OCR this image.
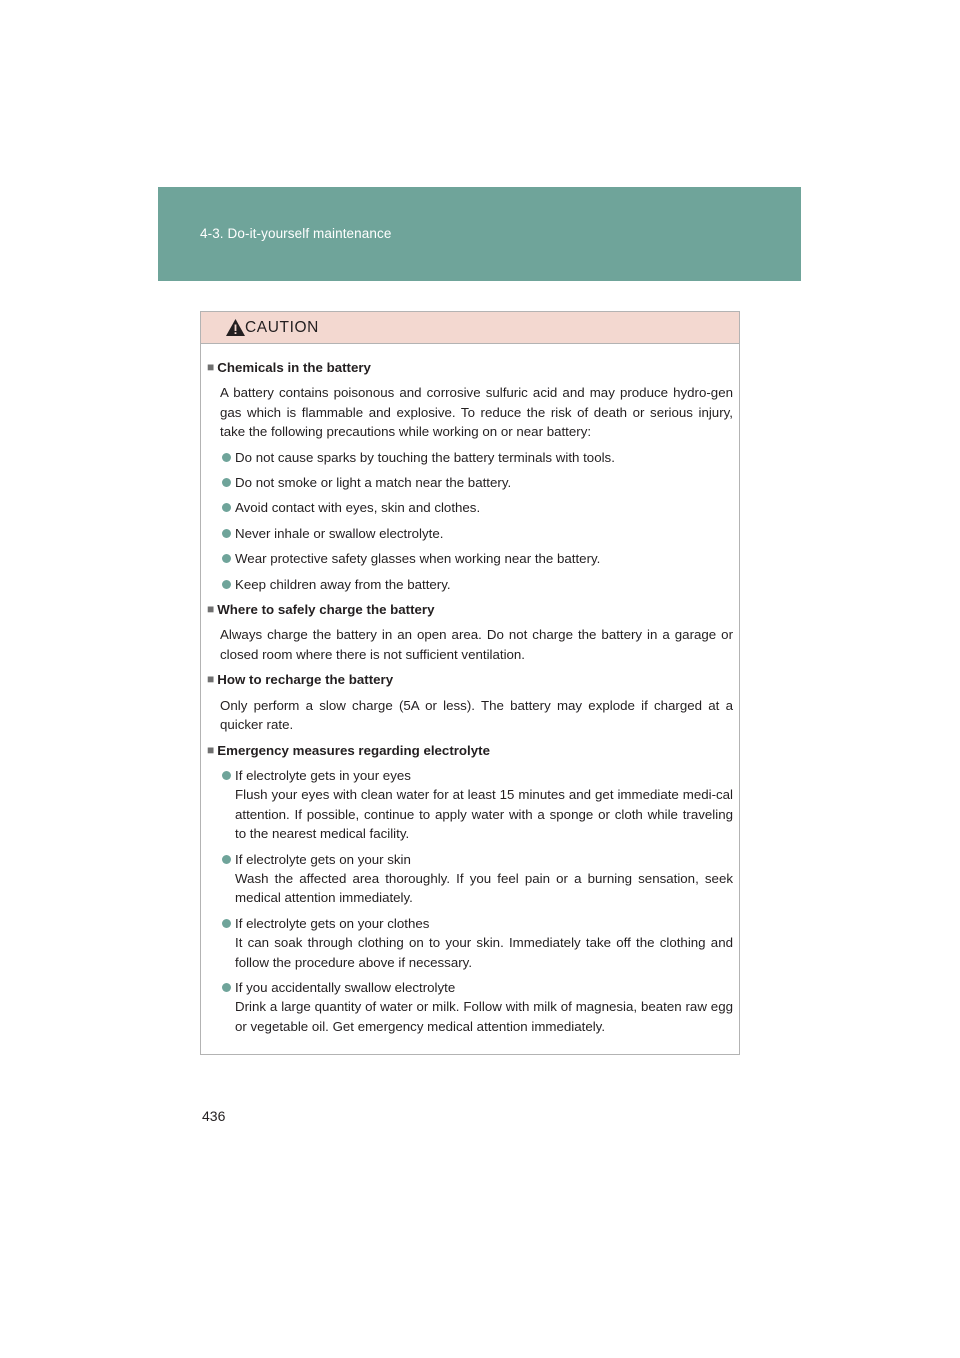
4-3. Do-it-yourself maintenance
CAUTION
■ Chemicals in the battery
A battery contains poisonous and corrosive sulfuric acid and may produce hydro-gen gas which is flammable and explosive. To reduce the risk of death or serious injury, take the following precautions while working on or near battery:
Do not cause sparks by touching the battery terminals with tools.
Do not smoke or light a match near the battery.
Avoid contact with eyes, skin and clothes.
Never inhale or swallow electrolyte.
Wear protective safety glasses when working near the battery.
Keep children away from the battery.
■ Where to safely charge the battery
Always charge the battery in an open area. Do not charge the battery in a garage or closed room where there is not sufficient ventilation.
■ How to recharge the battery
Only perform a slow charge (5A or less). The battery may explode if charged at a quicker rate.
■ Emergency measures regarding electrolyte
If electrolyte gets in your eyes
Flush your eyes with clean water for at least 15 minutes and get immediate medi-cal attention. If possible, continue to apply water with a sponge or cloth while traveling to the nearest medical facility.
If electrolyte gets on your skin
Wash the affected area thoroughly. If you feel pain or a burning sensation, seek medical attention immediately.
If electrolyte gets on your clothes
It can soak through clothing on to your skin. Immediately take off the clothing and follow the procedure above if necessary.
If you accidentally swallow electrolyte
Drink a large quantity of water or milk. Follow with milk of magnesia, beaten raw egg or vegetable oil. Get emergency medical attention immediately.
436
